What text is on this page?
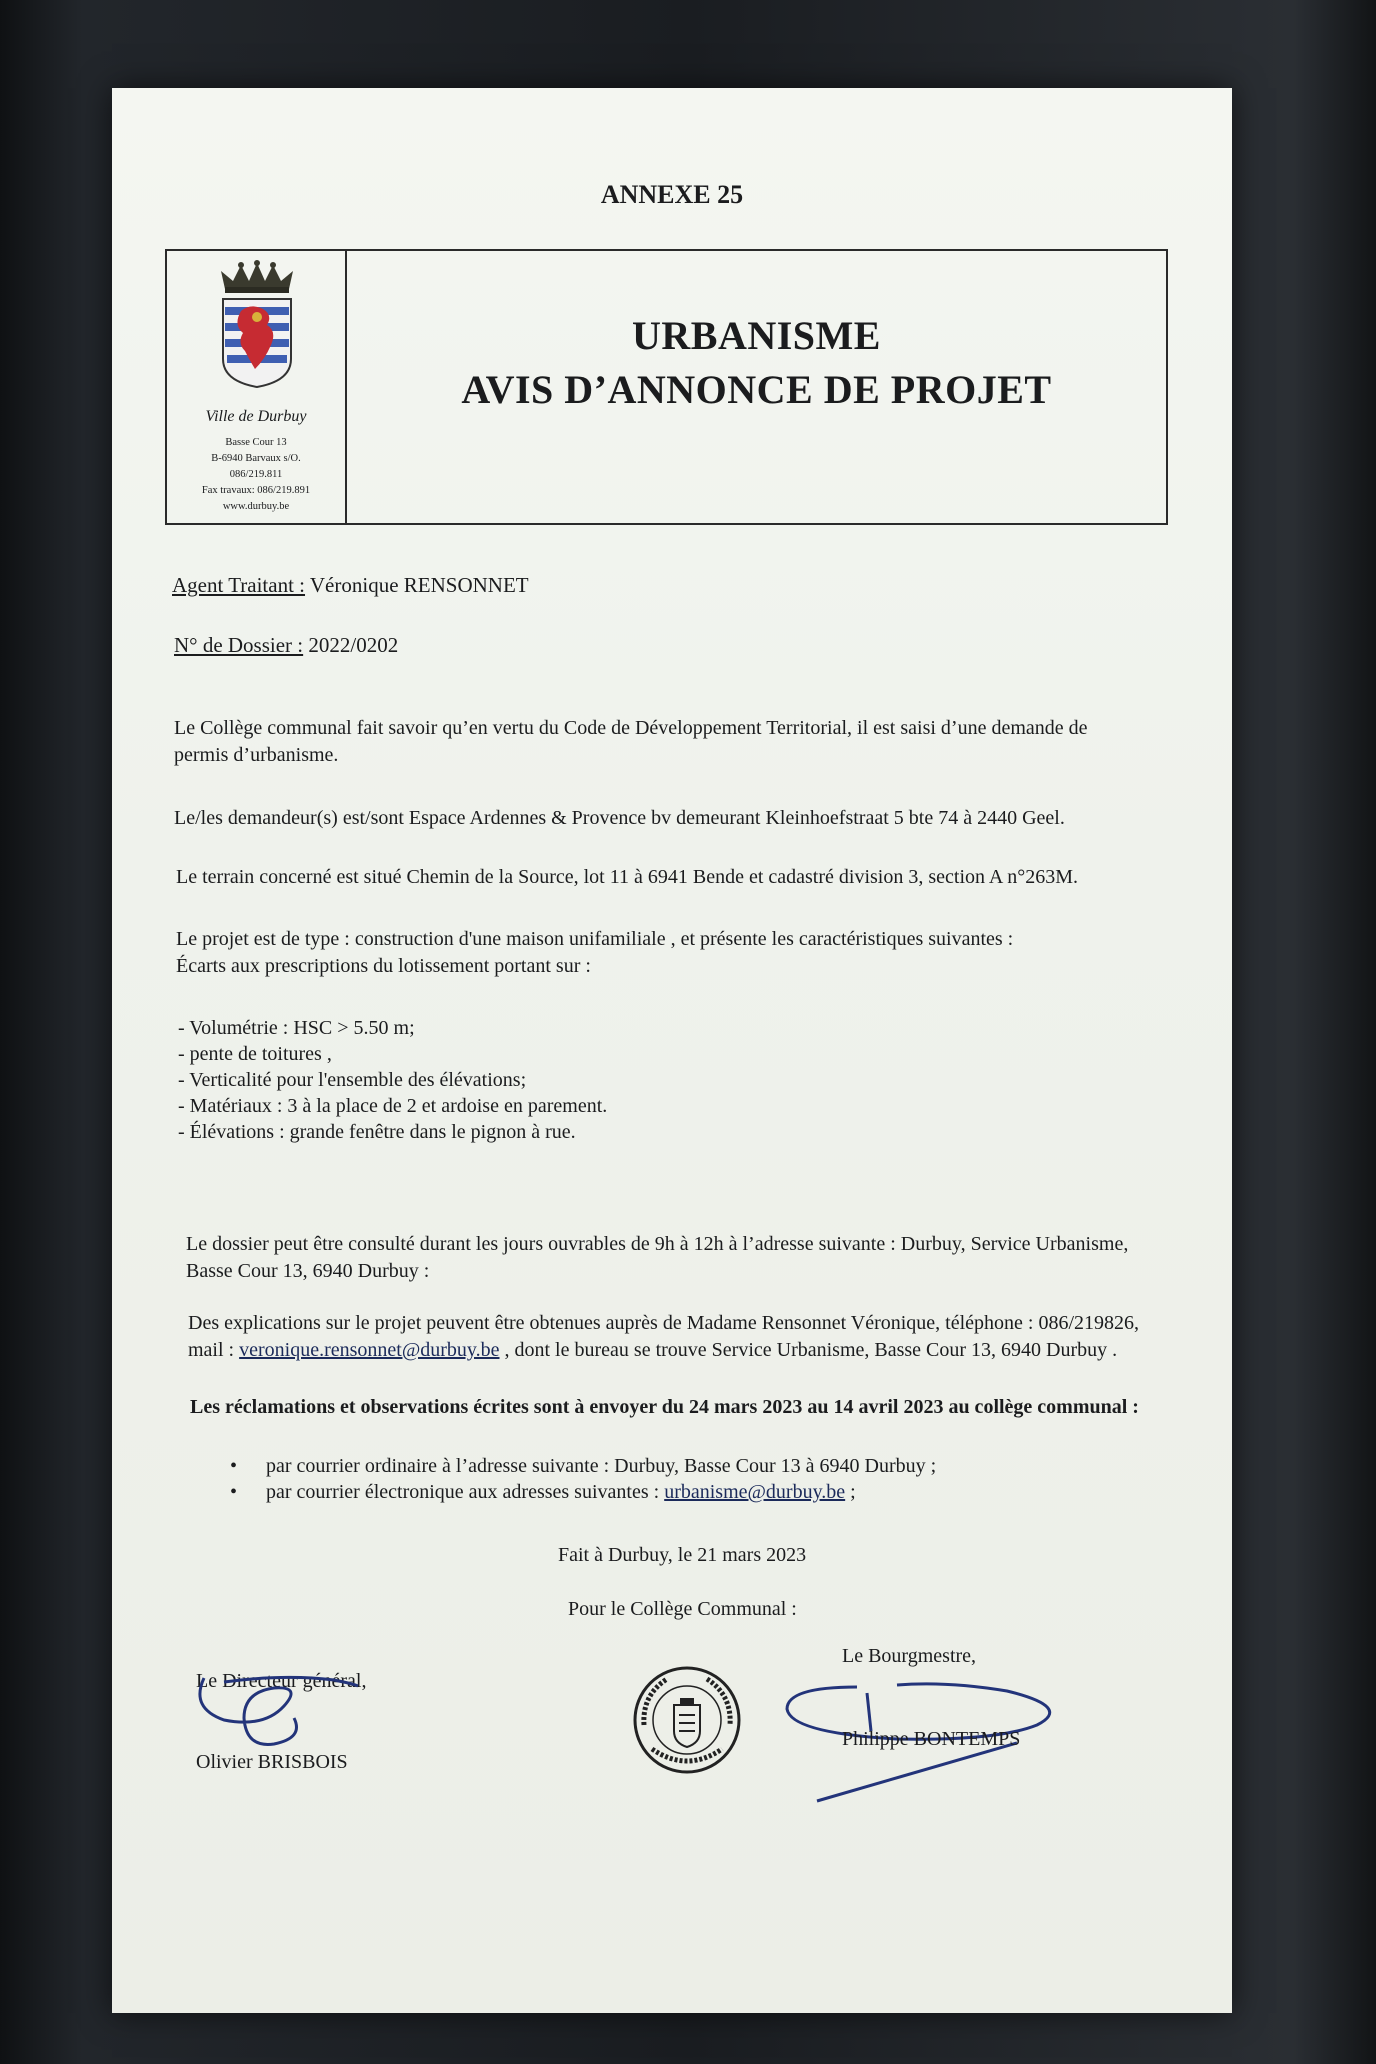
ANNEXE 25
Ville de Durbuy
Basse Cour 13
B-6940 Barvaux s/O.
086/219.811
Fax travaux: 086/219.891
www.durbuy.be
URBANISME
AVIS D’ANNONCE DE PROJET
Agent Traitant : Véronique RENSONNET
N° de Dossier : 2022/0202
Le Collège communal fait savoir qu’en vertu du Code de Développement Territorial, il est saisi d’une demande de
permis d’urbanisme.
Le/les demandeur(s) est/sont Espace Ardennes & Provence bv demeurant Kleinhoefstraat 5 bte 74 à 2440 Geel.
Le terrain concerné est situé Chemin de la Source, lot 11 à 6941 Bende et cadastré division 3, section A n°263M.
Le projet est de type : construction d'une maison unifamiliale , et présente les caractéristiques suivantes :
Écarts aux prescriptions du lotissement portant sur :
- Volumétrie : HSC > 5.50 m;
- pente de toitures ,
- Verticalité pour l'ensemble des élévations;
- Matériaux : 3 à la place de 2 et ardoise en parement.
- Élévations : grande fenêtre dans le pignon à rue.
Le dossier peut être consulté durant les jours ouvrables de 9h à 12h à l’adresse suivante : Durbuy, Service Urbanisme,
Basse Cour 13, 6940 Durbuy :
Des explications sur le projet peuvent être obtenues auprès de Madame Rensonnet Véronique, téléphone : 086/219826,
mail : veronique.rensonnet@durbuy.be , dont le bureau se trouve Service Urbanisme, Basse Cour 13, 6940 Durbuy .
Les réclamations et observations écrites sont à envoyer du 24 mars 2023 au 14 avril 2023 au collège communal :
• par courrier ordinaire à l’adresse suivante : Durbuy, Basse Cour 13 à 6940 Durbuy ;
• par courrier électronique aux adresses suivantes : urbanisme@durbuy.be ;
Fait à Durbuy, le 21 mars 2023
Pour le Collège Communal :
Le Directeur général,
Olivier BRISBOIS
Le Bourgmestre,
Philippe BONTEMPS
